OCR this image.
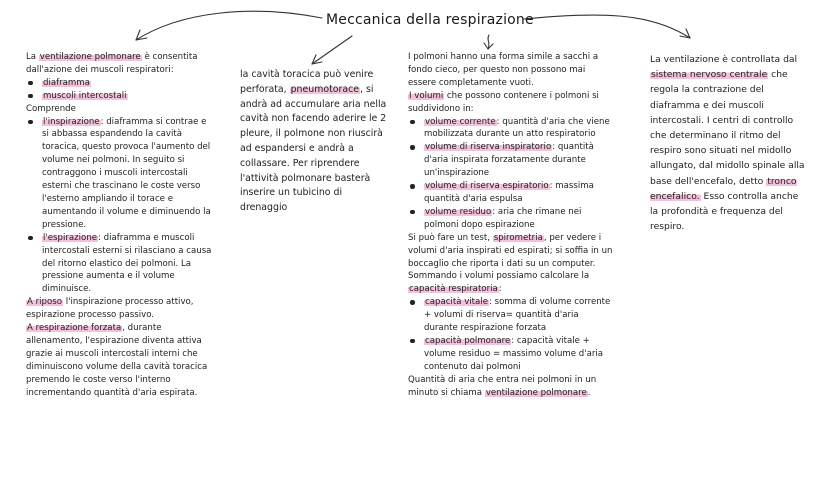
Meccanica della respirazione

La ventilazione polmonare è consentita dall'azione dei muscoli respiratori:

diaframma
muscoli intercostali

Comprende

l'inspirazione: diaframma si contrae e si abbassa espandendo la cavità toracica, questo provoca l'aumento del volume nei polmoni. In seguito si contraggono i muscoli intercostali esterni che trascinano le coste verso l'esterno ampliando il torace e aumentando il volume e diminuendo la pressione.
l'espirazione: diaframma e muscoli intercostali esterni si rilasciano a causa del ritorno elastico dei polmoni. La pressione aumenta e il volume diminuisce.

A riposo l'inspirazione processo attivo, espirazione processo passivo.

A respirazione forzata, durante allenamento, l'espirazione diventa attiva grazie ai muscoli intercostali interni che diminuiscono volume della cavità toracica premendo le coste verso l'interno incrementando quantità d'aria espirata.

la cavità toracica può venire perforata, pneumotorace, si andrà ad accumulare aria nella cavità non facendo aderire le 2 pleure, il polmone non riuscirà ad espandersi e andrà a collassare. Per riprendere l'attività polmonare basterà inserire un tubicino di drenaggio

I polmoni hanno una forma simile a sacchi a fondo cieco, per questo non possono mai essere completamente vuoti.

I volumi che possono contenere i polmoni si suddividono in:

volume corrente: quantità d'aria che viene mobilizzata durante un atto respiratorio
volume di riserva inspiratorio: quantità d'aria inspirata forzatamente durante un'inspirazione
volume di riserva espiratorio: massima quantità d'aria espulsa
volume residuo: aria che rimane nei polmoni dopo espirazione

Si può fare un test, spirometria, per vedere i volumi d'aria inspirati ed espirati; si soffia in un boccaglio che riporta i dati su un computer.

Sommando i volumi possiamo calcolare la capacità respiratoria:

capacità vitale: somma di volume corrente + volumi di riserva= quantità d'aria durante respirazione forzata
capacità polmonare: capacità vitale + volume residuo = massimo volume d'aria contenuto dai polmoni

Quantità di aria che entra nei polmoni in un minuto si chiama ventilazione polmonare.

La ventilazione è controllata dal sistema nervoso centrale che regola la contrazione del diaframma e dei muscoli intercostali. I centri di controllo che determinano il ritmo del respiro sono situati nel midollo allungato, dal midollo spinale alla base dell'encefalo, detto tronco encefalico. Esso controlla anche la profondità e frequenza del respiro.
